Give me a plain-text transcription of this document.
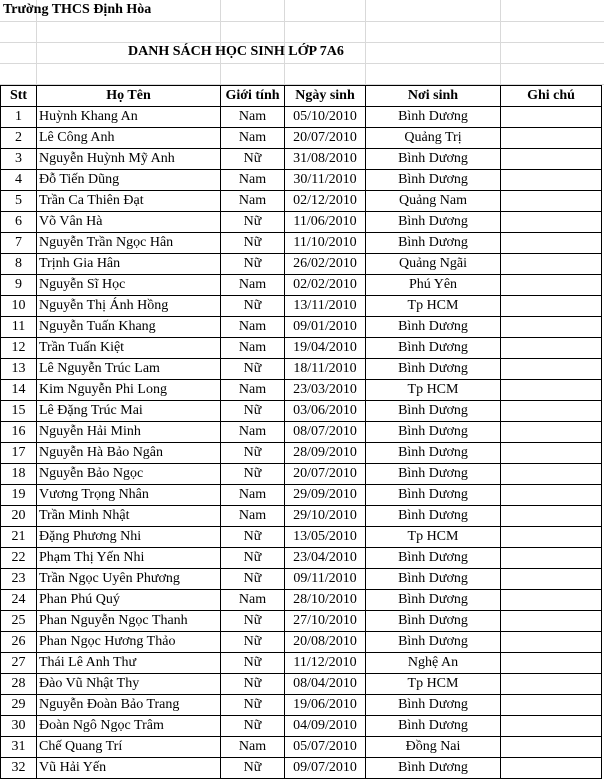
Trường THCS Định Hòa
DANH SÁCH HỌC SINH LỚP 7A6
Stt	Họ Tên	Giới tính	Ngày sinh	Nơi sinh	Ghi chú
1	Huỳnh Khang An	Nam	05/10/2010	Bình Dương	
2	Lê Công Anh	Nam	20/07/2010	Quảng Trị	
3	Nguyễn Huỳnh Mỹ Anh	Nữ	31/08/2010	Bình Dương	
4	Đỗ Tiến Dũng	Nam	30/11/2010	Bình Dương	
5	Trần Ca Thiên Đạt	Nam	02/12/2010	Quảng Nam	
6	Võ Vân Hà	Nữ	11/06/2010	Bình Dương	
7	Nguyễn Trần Ngọc Hân	Nữ	11/10/2010	Bình Dương	
8	Trịnh Gia Hân	Nữ	26/02/2010	Quảng Ngãi	
9	Nguyễn Sĩ Học	Nam	02/02/2010	Phú Yên	
10	Nguyễn Thị Ánh Hồng	Nữ	13/11/2010	Tp HCM	
11	Nguyễn Tuấn Khang	Nam	09/01/2010	Bình Dương	
12	Trần Tuấn Kiệt	Nam	19/04/2010	Bình Dương	
13	Lê Nguyễn Trúc Lam	Nữ	18/11/2010	Bình Dương	
14	Kim Nguyễn Phi Long	Nam	23/03/2010	Tp HCM	
15	Lê Đặng Trúc Mai	Nữ	03/06/2010	Bình Dương	
16	Nguyễn Hải Minh	Nam	08/07/2010	Bình Dương	
17	Nguyễn Hà Bảo Ngân	Nữ	28/09/2010	Bình Dương	
18	Nguyễn Bảo Ngọc	Nữ	20/07/2010	Bình Dương	
19	Vương Trọng Nhân	Nam	29/09/2010	Bình Dương	
20	Trần Minh Nhật	Nam	29/10/2010	Bình Dương	
21	Đặng Phương Nhi	Nữ	13/05/2010	Tp HCM	
22	Phạm Thị Yến Nhi	Nữ	23/04/2010	Bình Dương	
23	Trần Ngọc Uyên Phương	Nữ	09/11/2010	Bình Dương	
24	Phan Phú Quý	Nam	28/10/2010	Bình Dương	
25	Phan Nguyễn Ngọc Thanh	Nữ	27/10/2010	Bình Dương	
26	Phan Ngọc Hương Thảo	Nữ	20/08/2010	Bình Dương	
27	Thái Lê Anh Thư	Nữ	11/12/2010	Nghệ An	
28	Đào Vũ Nhật Thy	Nữ	08/04/2010	Tp HCM	
29	Nguyễn Đoàn Bảo Trang	Nữ	19/06/2010	Bình Dương	
30	Đoàn Ngô Ngọc Trâm	Nữ	04/09/2010	Bình Dương	
31	Chế Quang Trí	Nam	05/07/2010	Đồng Nai	
32	Vũ Hải Yến	Nữ	09/07/2010	Bình Dương	
